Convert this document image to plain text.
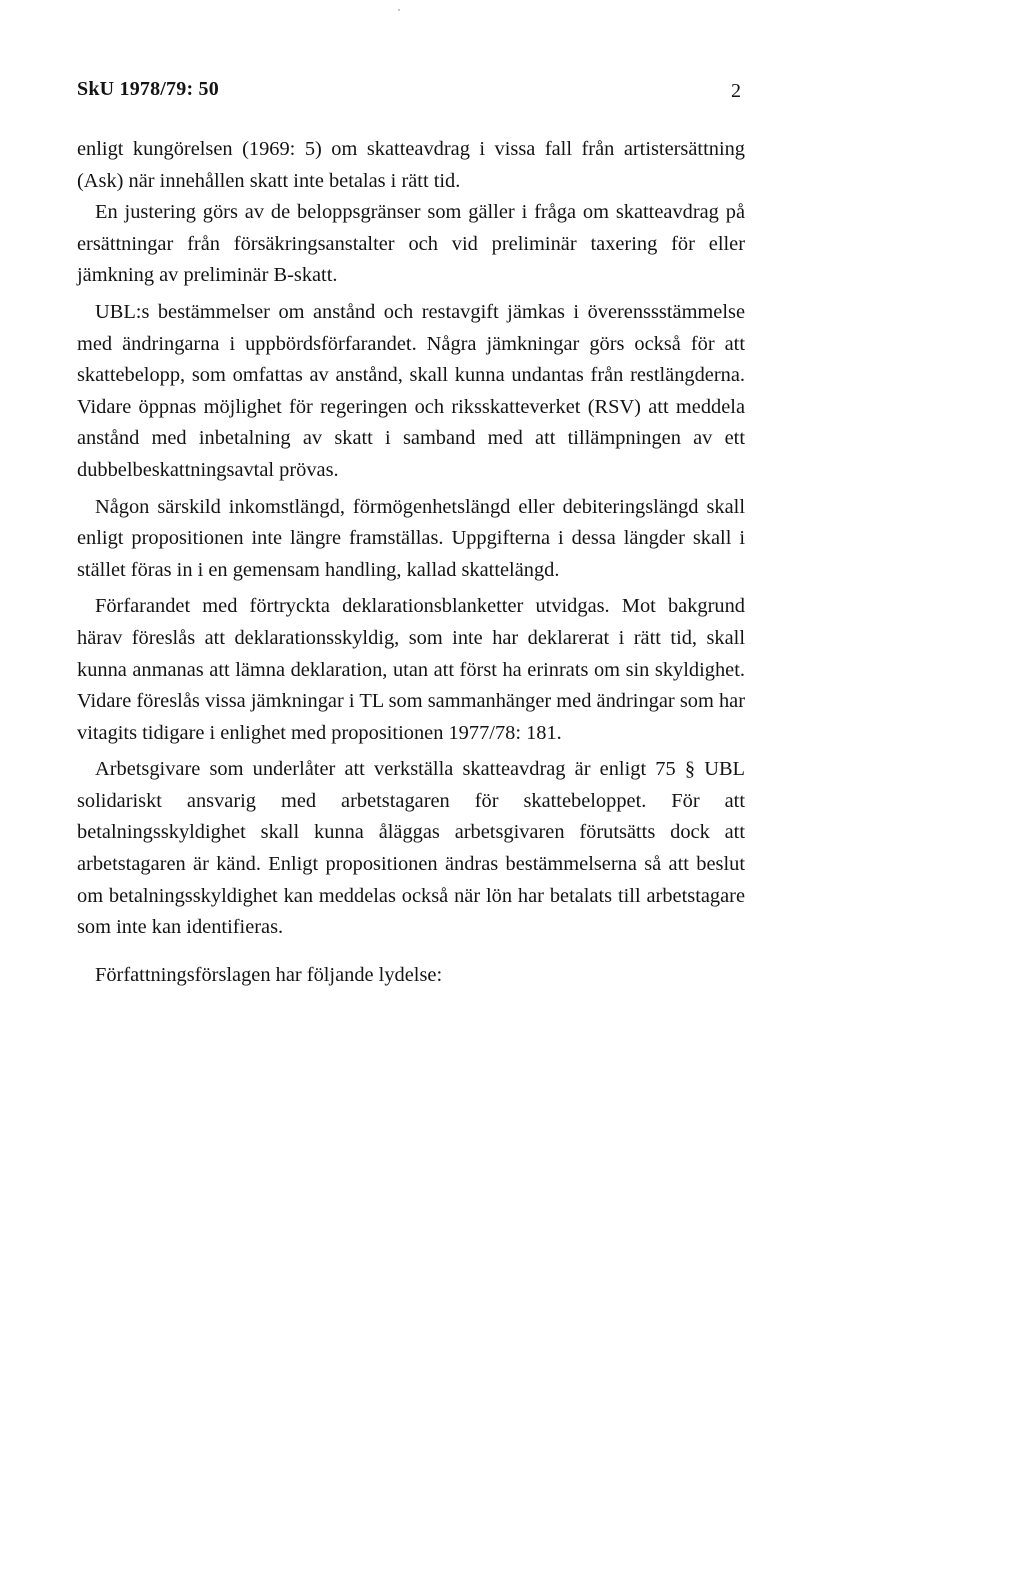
SkU 1978/79: 50	2

enligt kungörelsen (1969: 5) om skatteavdrag i vissa fall från artistersättning (Ask) när innehållen skatt inte betalas i rätt tid.

En justering görs av de beloppsgränser som gäller i fråga om skatteavdrag på ersättningar från försäkringsanstalter och vid preliminär taxering för eller jämkning av preliminär B-skatt.

UBL:s bestämmelser om anstånd och restavgift jämkas i överenssstämmelse med ändringarna i uppbördsförfarandet. Några jämkningar görs också för att skattebelopp, som omfattas av anstånd, skall kunna undantas från restlängderna. Vidare öppnas möjlighet för regeringen och riksskatteverket (RSV) att meddela anstånd med inbetalning av skatt i samband med att tillämpningen av ett dubbelbeskattningsavtal prövas.

Någon särskild inkomstlängd, förmögenhetslängd eller debiteringslängd skall enligt propositionen inte längre framställas. Uppgifterna i dessa längder skall i stället föras in i en gemensam handling, kallad skattelängd.

Förfarandet med förtryckta deklarationsblanketter utvidgas. Mot bakgrund härav föreslås att deklarationsskyldig, som inte har deklarerat i rätt tid, skall kunna anmanas att lämna deklaration, utan att först ha erinrats om sin skyldighet. Vidare föreslås vissa jämkningar i TL som sammanhänger med ändringar som har vitagits tidigare i enlighet med propositionen 1977/78: 181.

Arbetsgivare som underlåter att verkställa skatteavdrag är enligt 75 § UBL solidariskt ansvarig med arbetstagaren för skattebeloppet. För att betalningsskyldighet skall kunna åläggas arbetsgivaren förutsätts dock att arbetstagaren är känd. Enligt propositionen ändras bestämmelserna så att beslut om betalningsskyldighet kan meddelas också när lön har betalats till arbetstagare som inte kan identifieras.

Författningsförslagen har följande lydelse:
